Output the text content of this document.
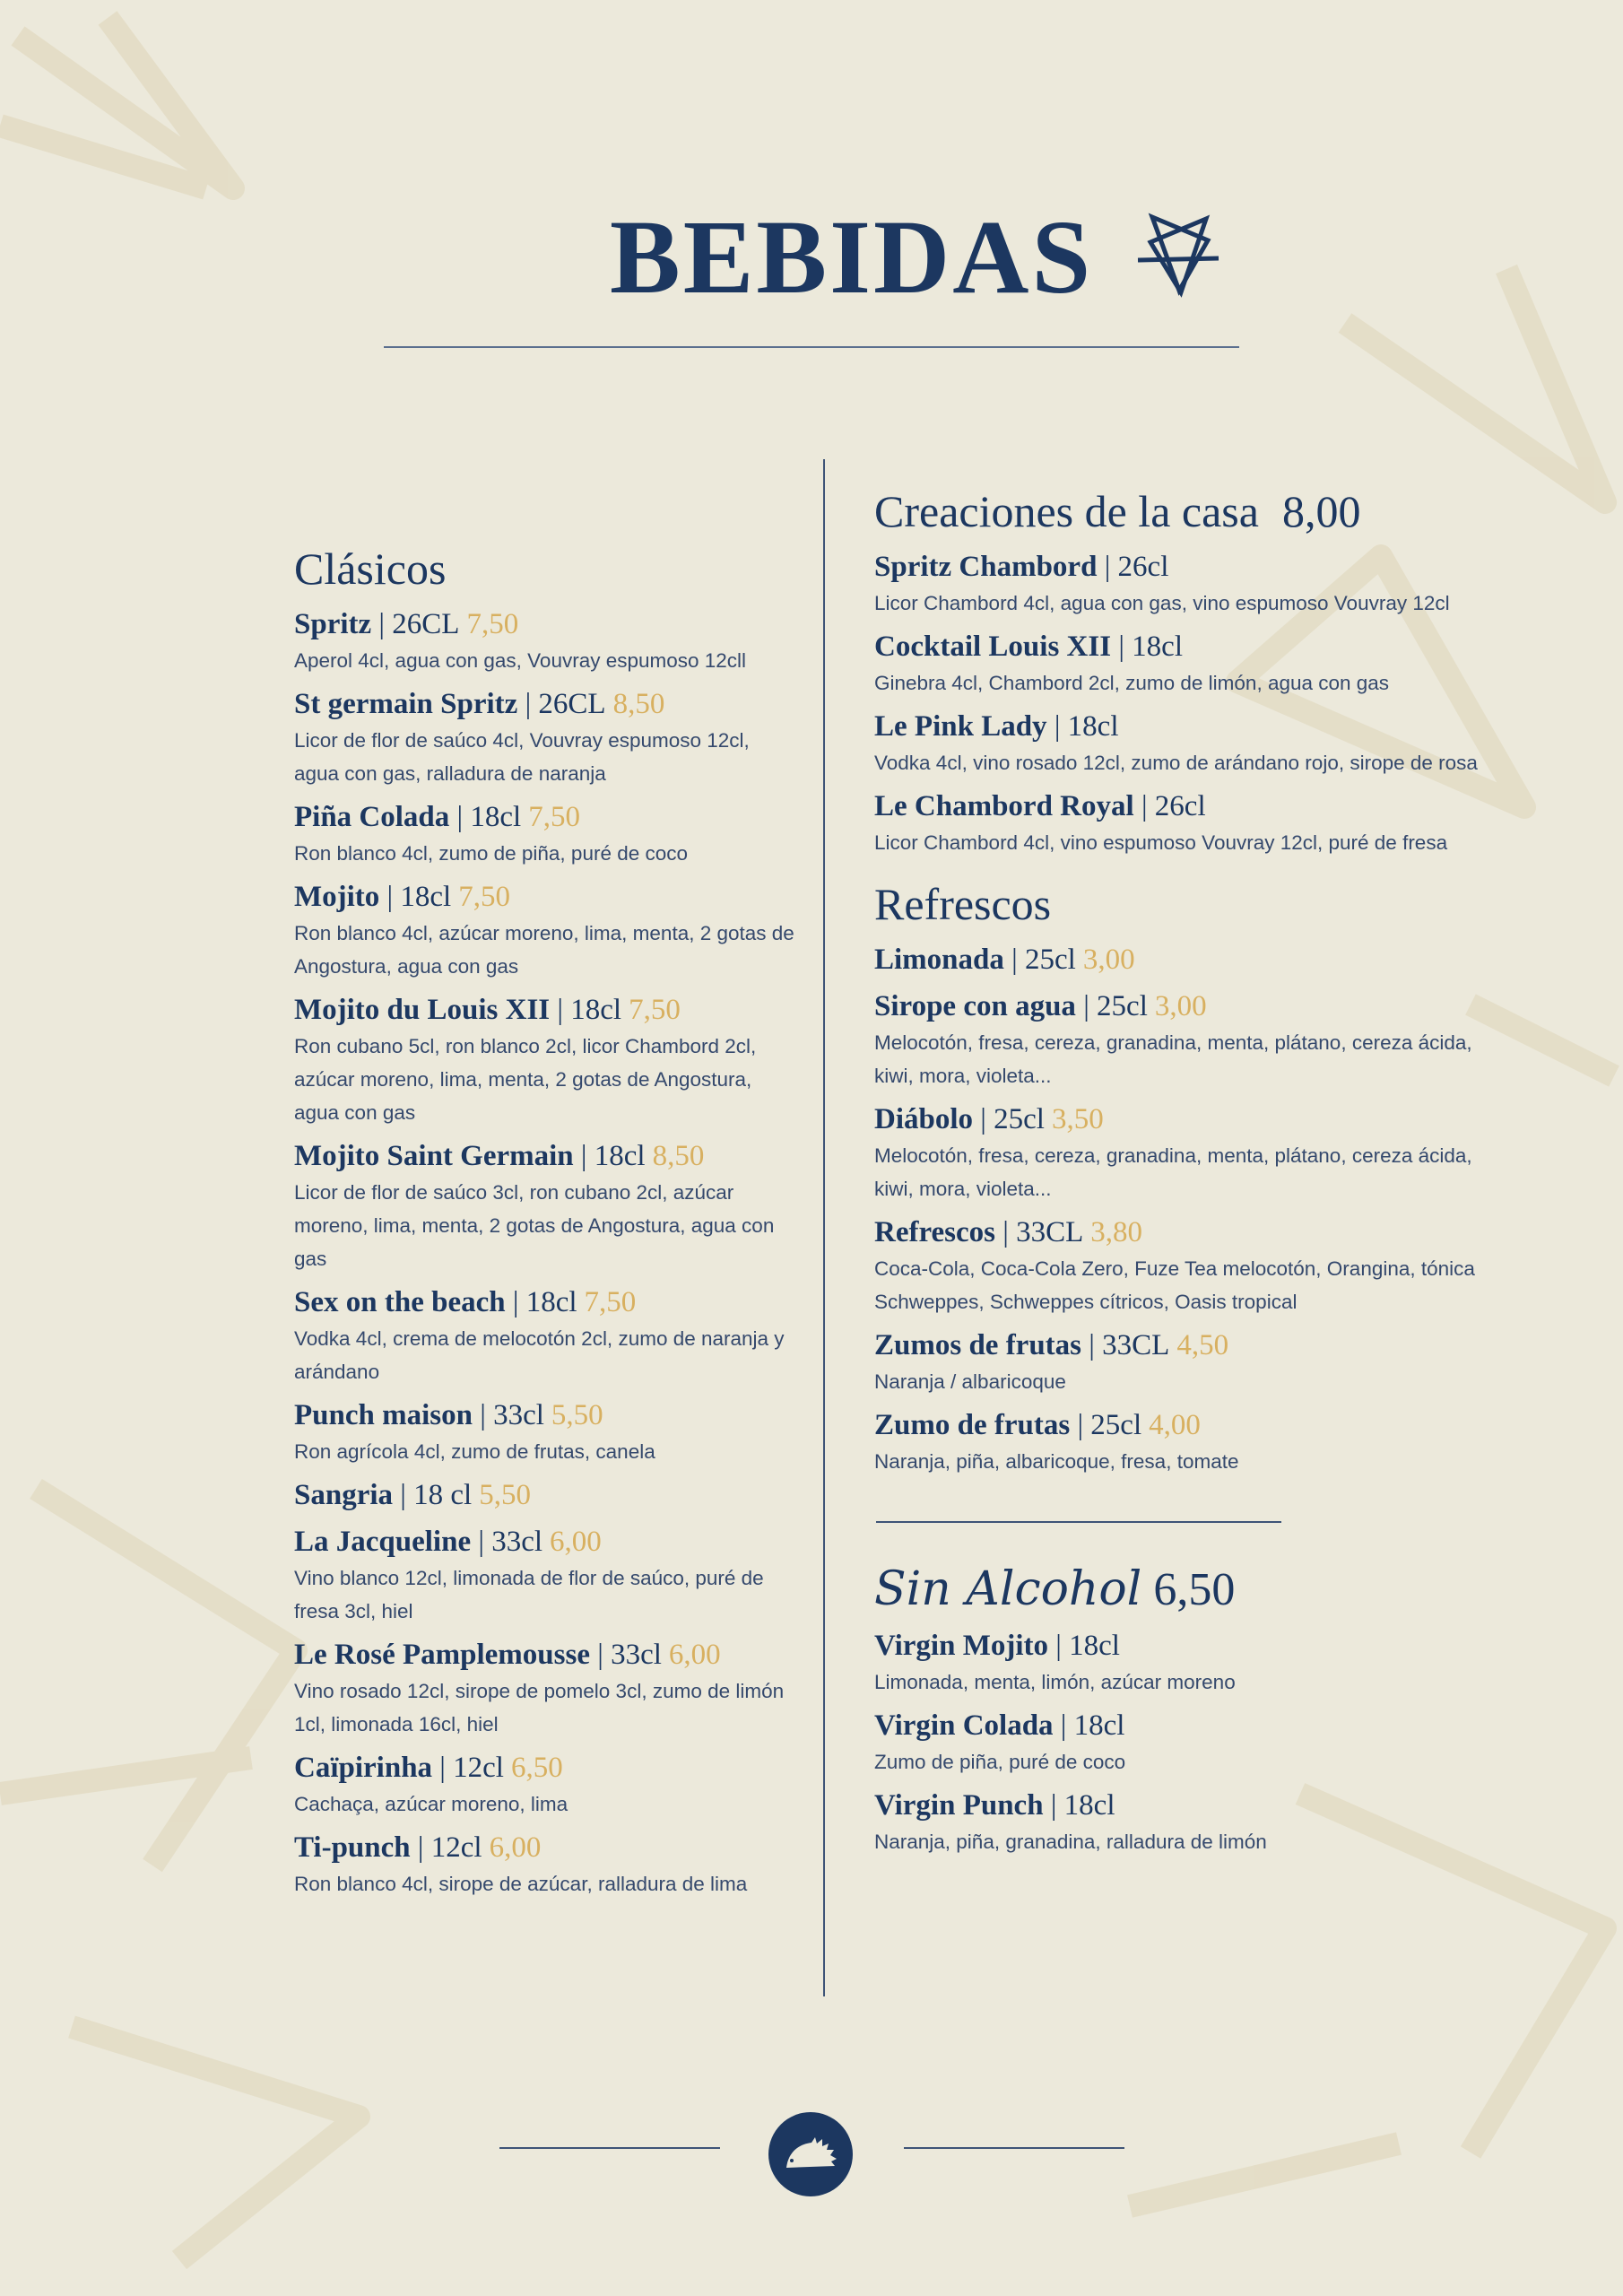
BEBIDAS
Clásicos
Spritz | 26CL 7,50
Aperol 4cl, agua con gas, Vouvray espumoso 12cll
St germain Spritz | 26CL 8,50
Licor de flor de saúco 4cl, Vouvray espumoso 12cl, agua con gas, ralladura de naranja
Piña Colada | 18cl 7,50
Ron blanco 4cl, zumo de piña, puré de coco
Mojito | 18cl 7,50
Ron blanco 4cl, azúcar moreno, lima, menta, 2 gotas de Angostura, agua con gas
Mojito du Louis XII | 18cl 7,50
Ron cubano 5cl, ron blanco 2cl, licor Chambord 2cl, azúcar moreno, lima, menta, 2 gotas de Angostura, agua con gas
Mojito Saint Germain | 18cl 8,50
Licor de flor de saúco 3cl, ron cubano 2cl, azúcar moreno, lima, menta, 2 gotas de Angostura, agua con gas
Sex on the beach | 18cl 7,50
Vodka 4cl, crema de melocotón 2cl, zumo de naranja y arándano
Punch maison | 33cl 5,50
Ron agrícola 4cl, zumo de frutas, canela
Sangria | 18 cl 5,50
La Jacqueline | 33cl 6,00
Vino blanco 12cl, limonada de flor de saúco, puré de fresa 3cl, hiel
Le Rosé Pamplemousse | 33cl 6,00
Vino rosado 12cl, sirope de pomelo 3cl, zumo de limón 1cl, limonada 16cl, hiel
Caïpirinha | 12cl 6,50
Cachaça, azúcar moreno, lima
Ti-punch | 12cl 6,00
Ron blanco 4cl, sirope de azúcar, ralladura de lima
Creaciones de la casa 8,00
Spritz Chambord | 26cl
Licor Chambord 4cl, agua con gas, vino espumoso Vouvray 12cl
Cocktail Louis XII | 18cl
Ginebra 4cl, Chambord 2cl, zumo de limón, agua con gas
Le Pink Lady | 18cl
Vodka 4cl, vino rosado 12cl, zumo de arándano rojo, sirope de rosa
Le Chambord Royal | 26cl
Licor Chambord 4cl, vino espumoso Vouvray 12cl, puré de fresa
Refrescos
Limonada | 25cl 3,00
Sirope con agua | 25cl 3,00
Melocotón, fresa, cereza, granadina, menta, plátano, cereza ácida, kiwi, mora, violeta...
Diábolo | 25cl 3,50
Melocotón, fresa, cereza, granadina, menta, plátano, cereza ácida, kiwi, mora, violeta...
Refrescos | 33CL 3,80
Coca-Cola, Coca-Cola Zero, Fuze Tea melocotón, Orangina, tónica Schweppes, Schweppes cítricos, Oasis tropical
Zumos de frutas | 33CL 4,50
Naranja / albaricoque
Zumo de frutas | 25cl 4,00
Naranja, piña, albaricoque, fresa, tomate
Sin Alcohol 6,50
Virgin Mojito | 18cl
Limonada, menta, limón, azúcar moreno
Virgin Colada | 18cl
Zumo de piña, puré de coco
Virgin Punch | 18cl
Naranja, piña, granadina, ralladura de limón
